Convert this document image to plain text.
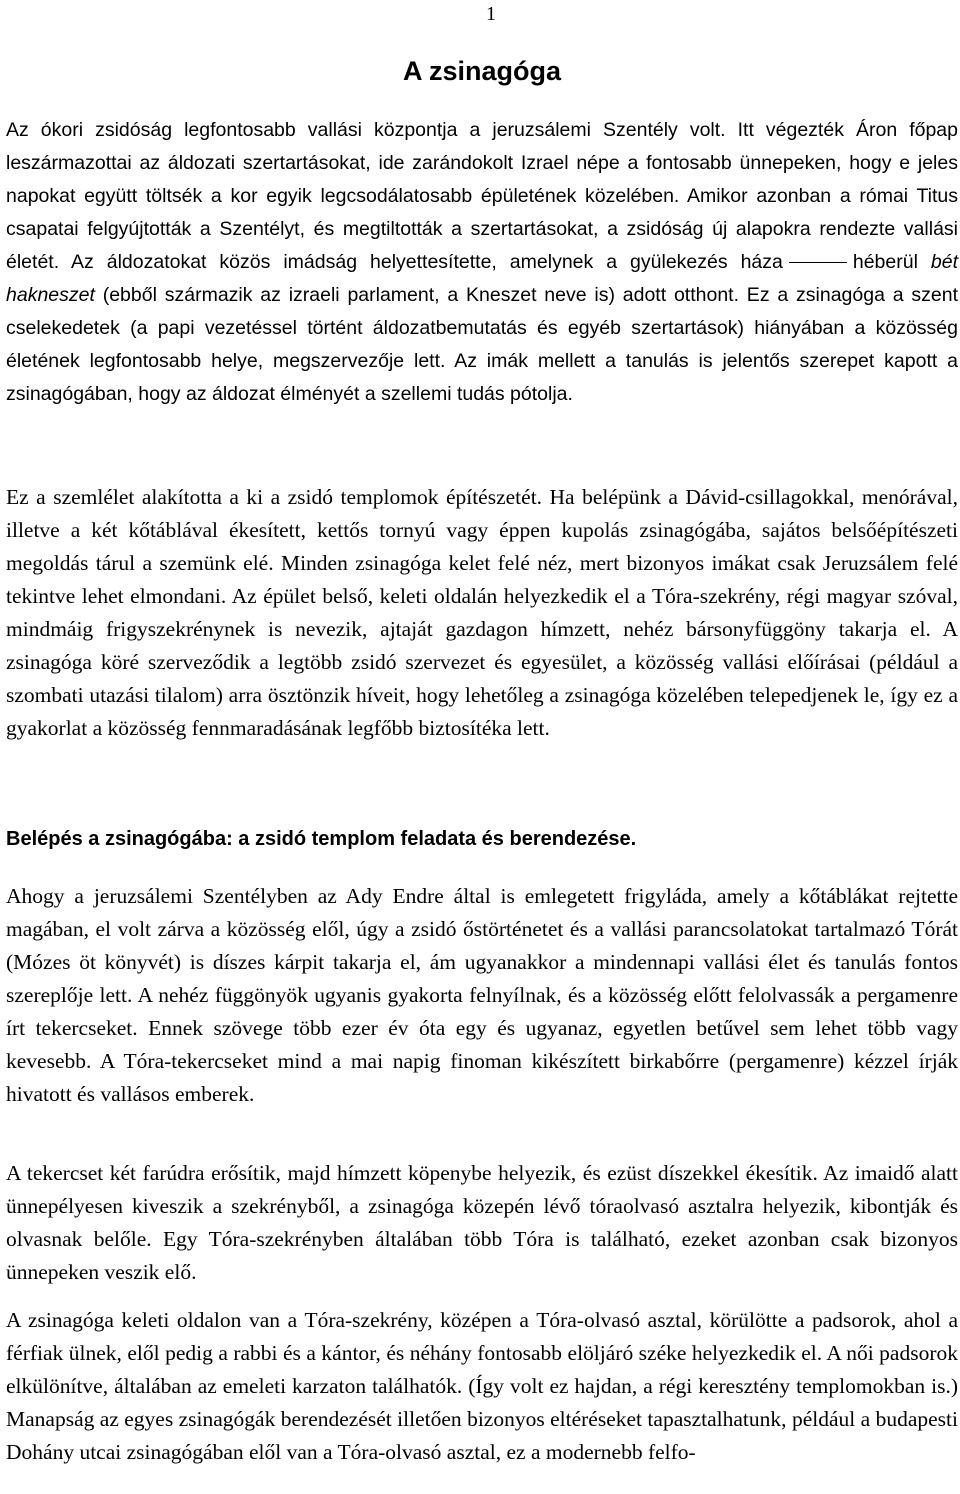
1
A zsinagóga

Az ókori zsidóság legfontosabb vallási központja a jeruzsálemi Szentély volt. Itt végezték Áron főpap leszármazottai az áldozati szertartásokat, ide zarándokolt Izrael népe a fontosabb ünnepeken, hogy e jeles napokat együtt töltsék a kor egyik legcsodálatosabb épületének közelében. Amikor azonban a római Titus csapatai felgyújtották a Szentélyt, és megtiltották a szertartásokat, a zsidóság új alapokra rendezte vallási életét. Az áldozatokat közös imádság helyettesítette, amelynek a gyülekezés háza	héberül bét hakneszet (ebből származik az izraeli parlament, a Kneszet neve is) adott otthont. Ez a zsinagóga a szent cselekedetek (a papi vezetéssel történt áldozatbemutatás és egyéb szertartások) hiányában a közösség életének legfontosabb helye, megszervezője lett. Az imák mellett a tanulás is jelentős szerepet kapott a zsinagógában, hogy az áldozat élményét a szellemi tudás pótolja.

Ez a szemlélet alakította a ki a zsidó templomok építészetét. Ha belépünk a Dávid-csillagokkal, menórával, illetve a két kőtáblával ékesített, kettős tornyú vagy éppen kupolás zsinagógába, sajátos belsőépítészeti megoldás tárul a szemünk elé. Minden zsinagóga kelet felé néz, mert bizonyos imákat csak Jeruzsálem felé tekintve lehet elmondani. Az épület belső, keleti oldalán helyezkedik el a Tóra-szekrény, régi magyar szóval, mindmáig frigyszekrénynek is nevezik, ajtaját gazdagon hímzett, nehéz bársonyfüggöny takarja el. A zsinagóga köré szerveződik a legtöbb zsidó szervezet és egyesület, a közösség vallási előírásai (például a szombati utazási tilalom) arra ösztönzik híveit, hogy lehetőleg a zsinagóga közelében telepedjenek le, így ez a gyakorlat a közösség fennmaradásának legfőbb biztosítéka lett.

Belépés a zsinagógába: a zsidó templom feladata és berendezése.

Ahogy a jeruzsálemi Szentélyben az Ady Endre által is emlegetett frigyláda, amely a kőtáblákat rejtette magában, el volt zárva a közösség elől, úgy a zsidó őstörténetet és a vallási parancsolatokat tartalmazó Tórát (Mózes öt könyvét) is díszes kárpit takarja el, ám ugyanakkor a mindennapi vallási élet és tanulás fontos szereplője lett. A nehéz függönyök ugyanis gyakorta felnyílnak, és a közösség előtt felolvassák a pergamenre írt tekercseket. Ennek szövege több ezer év óta egy és ugyanaz, egyetlen betűvel sem lehet több vagy kevesebb. A Tóra-tekercseket mind a mai napig finoman kikészített birkabőrre (pergamenre) kézzel írják hivatott és vallásos emberek.

A tekercset két farúdra erősítik, majd hímzett köpenybe helyezik, és ezüst díszekkel ékesítik. Az imaidő alatt ünnepélyesen kiveszik a szekrényből, a zsinagóga közepén lévő tóraolvasó asztalra helyezik, kibontják és olvasnak belőle. Egy Tóra-szekrényben általában több Tóra is található, ezeket azonban csak bizonyos ünnepeken veszik elő.

A zsinagóga keleti oldalon van a Tóra-szekrény, középen a Tóra-olvasó asztal, körülötte a padsorok, ahol a férfiak ülnek, elől pedig a rabbi és a kántor, és néhány fontosabb elöljáró széke helyezkedik el. A női padsorok elkülönítve, általában az emeleti karzaton találhatók. (Így volt ez hajdan, a régi keresztény templomokban is.) Manapság az egyes zsinagógák berendezését illetően bizonyos eltéréseket tapasztalhatunk, például a budapesti Dohány utcai zsinagógában elől van a Tóra-olvasó asztal, ez a modernebb felfo-
